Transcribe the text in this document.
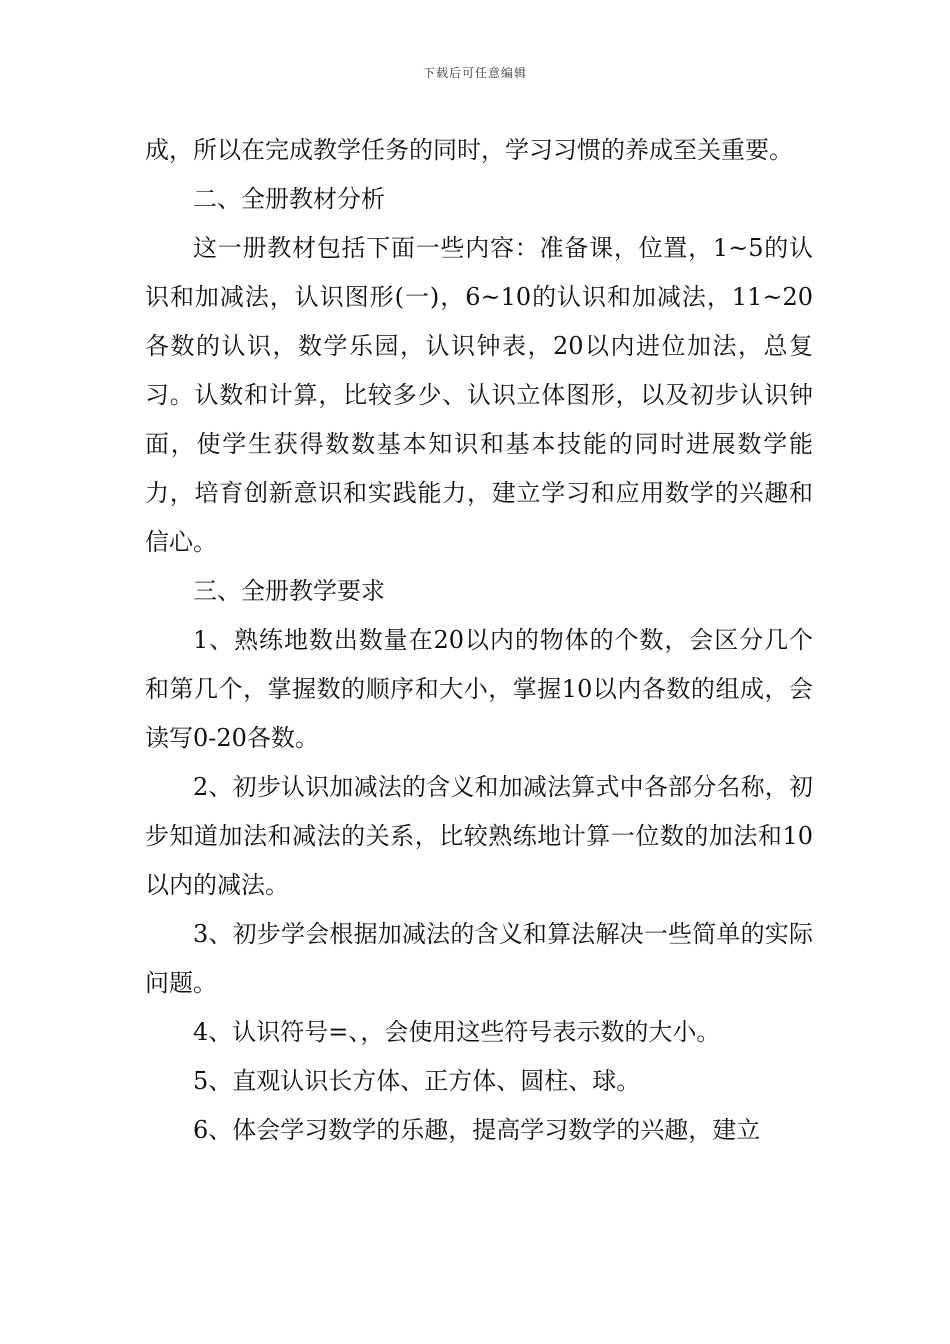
下载后可任意编辑

成，所以在完成教学任务的同时，学习习惯的养成至关重要。

二、全册教材分析

这一册教材包括下面一些内容：准备课，位置，1~5的认识和加减法，认识图形(一)，6~10的认识和加减法，11~20各数的认识，数学乐园，认识钟表，20以内进位加法，总复习。认数和计算，比较多少、认识立体图形，以及初步认识钟面，使学生获得数数基本知识和基本技能的同时进展数学能力，培育创新意识和实践能力，建立学习和应用数学的兴趣和信心。

三、全册教学要求

1、熟练地数出数量在20以内的物体的个数，会区分几个和第几个，掌握数的顺序和大小，掌握10以内各数的组成，会读写0-20各数。

2、初步认识加减法的含义和加减法算式中各部分名称，初步知道加法和减法的关系，比较熟练地计算一位数的加法和10以内的减法。

3、初步学会根据加减法的含义和算法解决一些简单的实际问题。

4、认识符号=、，会使用这些符号表示数的大小。

5、直观认识长方体、正方体、圆柱、球。

6、体会学习数学的乐趣，提高学习数学的兴趣，建立
